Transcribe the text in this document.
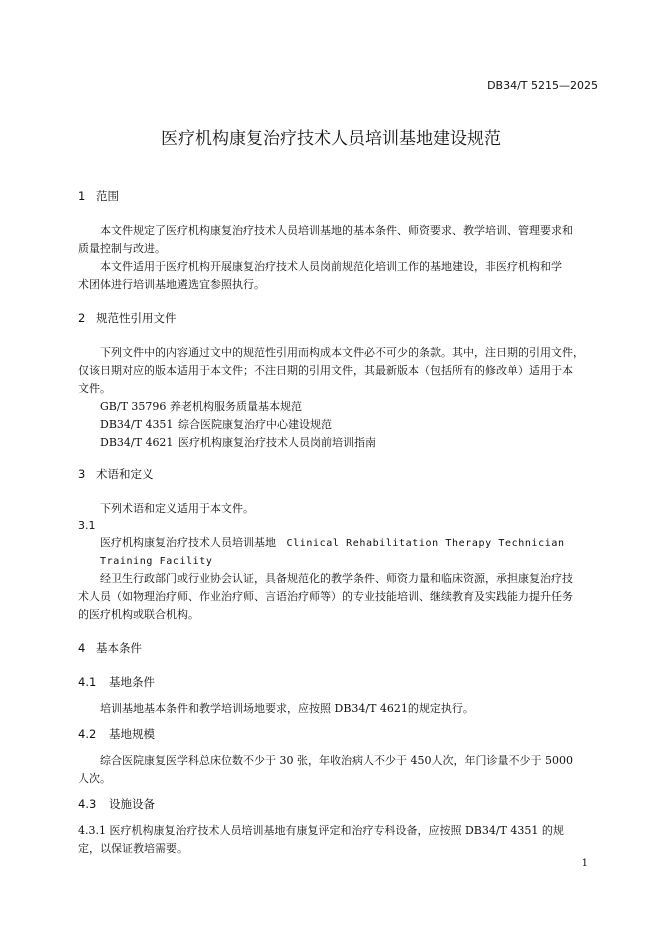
DB34/T 5215—2025
医疗机构康复治疗技术人员培训基地建设规范
1 范围
本文件规定了医疗机构康复治疗技术人员培训基地的基本条件、师资要求、教学培训、管理要求和
质量控制与改进。
本文件适用于医疗机构开展康复治疗技术人员岗前规范化培训工作的基地建设，非医疗机构和学
术团体进行培训基地遴选宜参照执行。
2 规范性引用文件
下列文件中的内容通过文中的规范性引用而构成本文件必不可少的条款。其中，注日期的引用文件，
仅该日期对应的版本适用于本文件；不注日期的引用文件，其最新版本（包括所有的修改单）适用于本
文件。
GB/T 35796 养老机构服务质量基本规范
DB34/T 4351 综合医院康复治疗中心建设规范
DB34/T 4621 医疗机构康复治疗技术人员岗前培训指南
3 术语和定义
下列术语和定义适用于本文件。
3.1
医疗机构康复治疗技术人员培训基地 Clinical Rehabilitation Therapy Technician Training Facility
经卫生行政部门或行业协会认证，具备规范化的教学条件、师资力量和临床资源，承担康复治疗技
术人员（如物理治疗师、作业治疗师、言语治疗师等）的专业技能培训、继续教育及实践能力提升任务
的医疗机构或联合机构。
4 基本条件
4.1 基地条件
培训基地基本条件和教学培训场地要求，应按照 DB34/T 4621的规定执行。
4.2 基地规模
综合医院康复医学科总床位数不少于 30 张，年收治病人不少于 450人次，年门诊量不少于 5000
人次。
4.3 设施设备
4.3.1 医疗机构康复治疗技术人员培训基地有康复评定和治疗专科设备，应按照 DB34/T 4351 的规
定，以保证教培需要。
1
